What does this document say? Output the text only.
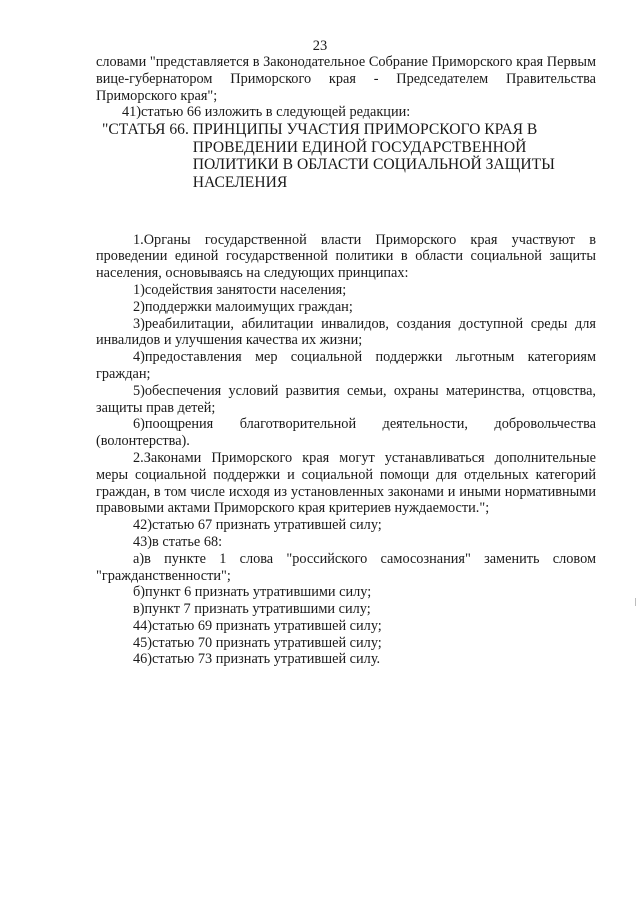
23

словами "представляется в Законодательное Собрание Приморского края Первым вице-губернатором Приморского края - Председателем Правительства Приморского края";

41)статью 66 изложить в следующей редакции:

"СТАТЬЯ 66. ПРИНЦИПЫ УЧАСТИЯ ПРИМОРСКОГО КРАЯ В
ПРОВЕДЕНИИ ЕДИНОЙ ГОСУДАРСТВЕННОЙ
ПОЛИТИКИ В ОБЛАСТИ СОЦИАЛЬНОЙ ЗАЩИТЫ
НАСЕЛЕНИЯ

1.Органы государственной власти Приморского края участвуют в проведении единой государственной политики в области социальной защиты населения, основываясь на следующих принципах:

1)содействия занятости населения;

2)поддержки малоимущих граждан;

3)реабилитации, абилитации инвалидов, создания доступной среды для инвалидов и улучшения качества их жизни;

4)предоставления мер социальной поддержки льготным категориям граждан;

5)обеспечения условий развития семьи, охраны материнства, отцовства, защиты прав детей;

6)поощрения благотворительной деятельности, добровольчества (волонтерства).

2.Законами Приморского края могут устанавливаться дополнительные меры социальной поддержки и социальной помощи для отдельных категорий граждан, в том числе исходя из установленных законами и иными нормативными правовыми актами Приморского края критериев нуждаемости.";

42)статью 67 признать утратившей силу;

43)в статье 68:

а)в пункте 1 слова "российского самосознания" заменить словом "гражданственности";

б)пункт 6 признать утратившими силу;

в)пункт 7 признать утратившими силу;

44)статью 69 признать утратившей силу;

45)статью 70 признать утратившей силу;

46)статью 73 признать утратившей силу.
